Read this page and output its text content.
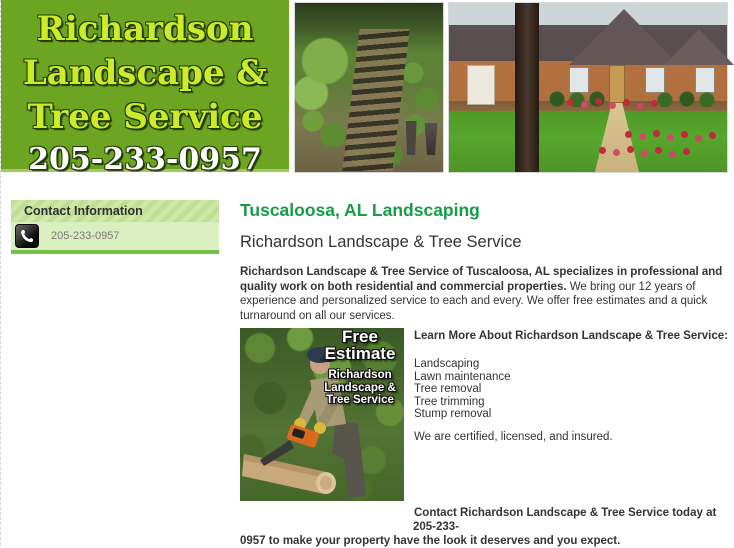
Richardson
Landscape &
Tree Service
205-233-0957
Contact Information
205-233-0957
Tuscaloosa, AL Landscaping
Richardson Landscape & Tree Service

Richardson Landscape & Tree Service of Tuscaloosa, AL specializes in professional and quality work on both residential and commercial properties. We bring our 12 years of experience and personalized service to each and every. We offer free estimates and a quick turnaround on all our services.

Free
Estimate
Richardson
Landscape &
Tree Service

Learn More About Richardson Landscape & Tree Service:

• Landscaping
• Lawn maintenance
• Tree removal
• Tree trimming
• Stump removal

We are certified, licensed, and insured.

Contact Richardson Landscape & Tree Service today at 205-233-
0957 to make your property have the look it deserves and you expect.
